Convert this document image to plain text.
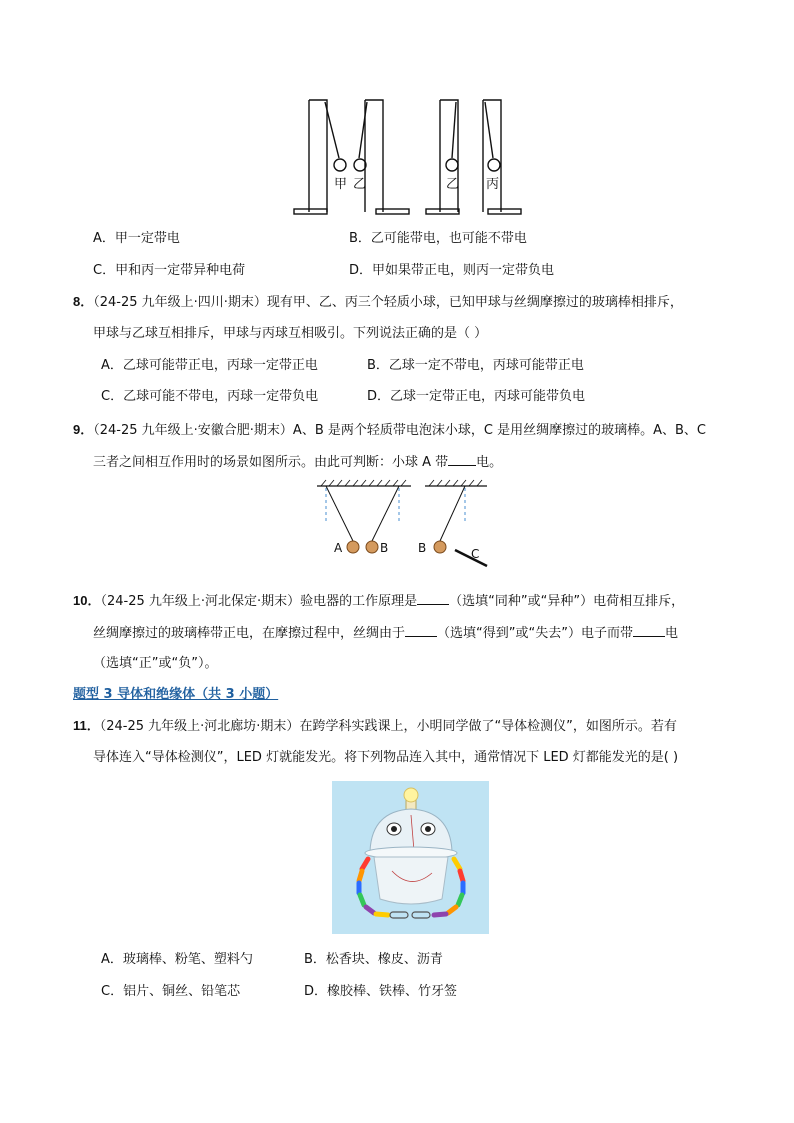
甲 乙	乙 丙
A．甲一定带电	B．乙可能带电，也可能不带电
C．甲和丙一定带异种电荷	D．甲如果带正电，则丙一定带负电
8．（24-25 九年级上·四川·期末）现有甲、乙、丙三个轻质小球，已知甲球与丝绸摩擦过的玻璃棒相排斥，
甲球与乙球互相排斥，甲球与丙球互相吸引。下列说法正确的是（ ）
A．乙球可能带正电，丙球一定带正电	B．乙球一定不带电，丙球可能带正电
C．乙球可能不带电，丙球一定带负电	D．乙球一定带正电，丙球可能带负电
9．（24-25 九年级上·安徽合肥·期末）A、B 是两个轻质带电泡沫小球，C 是用丝绸摩擦过的玻璃棒。A、B、C
三者之间相互作用时的场景如图所示。由此可判断：小球 A 带 电。
A	B B	C
10．（24-25 九年级上·河北保定·期末）验电器的工作原理是 （选填“同种”或“异种”）电荷相互排斥，
丝绸摩擦过的玻璃棒带正电，在摩擦过程中，丝绸由于 （选填“得到”或“失去”）电子而带 电
（选填“正”或“负”）。
题型 3 导体和绝缘体（共 3 小题）
11．（24-25 九年级上·河北廊坊·期末）在跨学科实践课上，小明同学做了“导体检测仪”，如图所示。若有
导体连入“导体检测仪”，LED 灯就能发光。将下列物品连入其中，通常情况下 LED 灯都能发光的是( )
A．玻璃棒、粉笔、塑料勺	B．松香块、橡皮、沥青
C．铝片、铜丝、铅笔芯	D．橡胶棒、铁棒、竹牙签
